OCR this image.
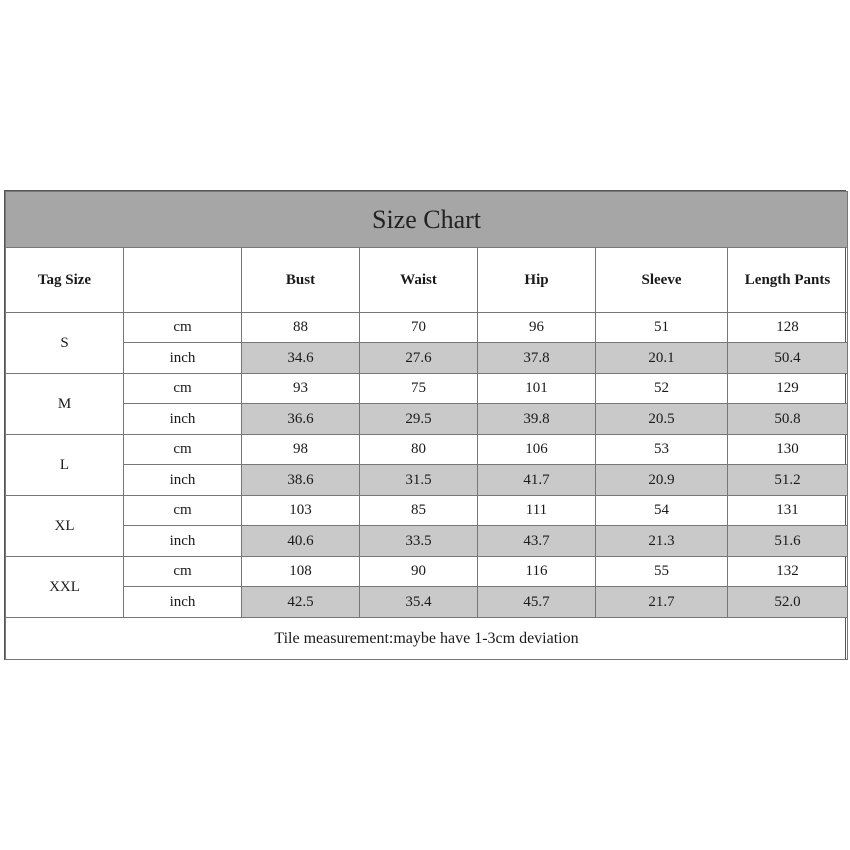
Size Chart						
Tag Size		Bust	Waist	Hip	Sleeve	Length Pants
S	cm	88	70	96	51	128
	inch	34.6	27.6	37.8	20.1	50.4
M	cm	93	75	101	52	129
	inch	36.6	29.5	39.8	20.5	50.8
L	cm	98	80	106	53	130
	inch	38.6	31.5	41.7	20.9	51.2
XL	cm	103	85	111	54	131
	inch	40.6	33.5	43.7	21.3	51.6
XXL	cm	108	90	116	55	132
	inch	42.5	35.4	45.7	21.7	52.0
Tile measurement:maybe have 1-3cm deviation						
